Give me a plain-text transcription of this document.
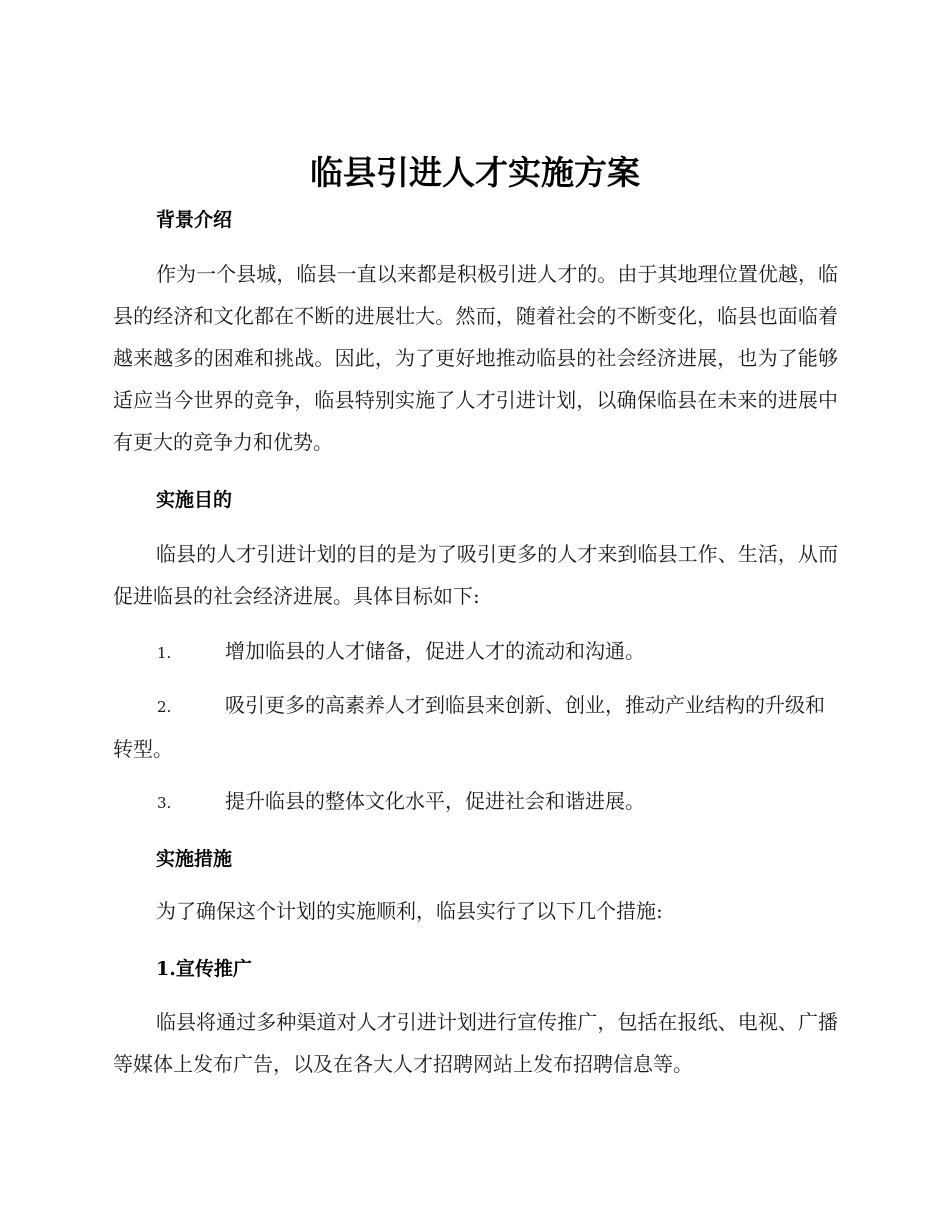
临县引进人才实施方案
背景介绍
作为一个县城，临县一直以来都是积极引进人才的。由于其地理位置优越，临县的经济和文化都在不断的进展壮大。然而，随着社会的不断变化，临县也面临着越来越多的困难和挑战。因此，为了更好地推动临县的社会经济进展，也为了能够适应当今世界的竞争，临县特别实施了人才引进计划，以确保临县在未来的进展中有更大的竞争力和优势。
实施目的
临县的人才引进计划的目的是为了吸引更多的人才来到临县工作、生活，从而促进临县的社会经济进展。具体目标如下:
1.	增加临县的人才储备，促进人才的流动和沟通。
2.	吸引更多的高素养人才到临县来创新、创业，推动产业结构的升级和转型。
3.	提升临县的整体文化水平，促进社会和谐进展。
实施措施
为了确保这个计划的实施顺利，临县实行了以下几个措施:
1.宣传推广
临县将通过多种渠道对人才引进计划进行宣传推广，包括在报纸、电视、广播等媒体上发布广告，以及在各大人才招聘网站上发布招聘信息等。
